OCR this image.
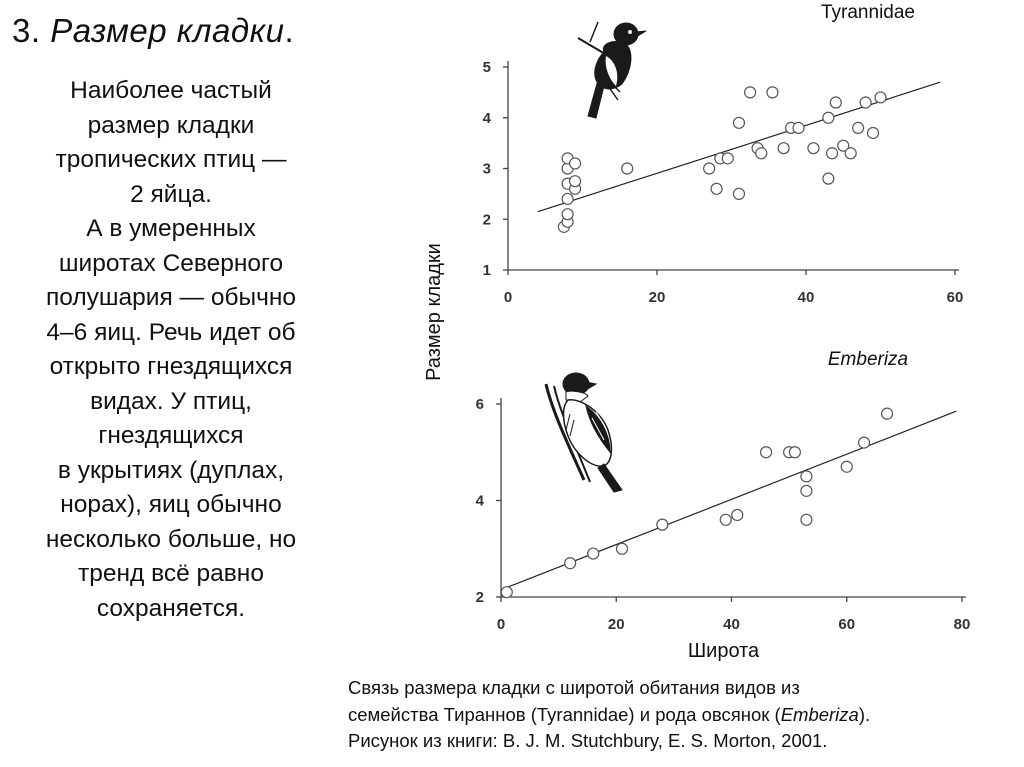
3. Размер кладки.
Наиболее частый
размер кладки
тропических птиц —
2 яйца.
А в умеренных
широтах Северного
полушария — обычно
4–6 яиц. Речь идет об
открыто гнездящихся
видах. У птиц,
гнездящихся
в укрытиях (дуплах,
норах), яиц обычно
несколько больше, но
тренд всё равно
сохраняется.
1
2
3
4
5
0	20	40	60
Tyrannidae
2
4
6
0	20	40	60	80
Emberiza
Широта
Размер кладки
Связь размера кладки с широтой обитания видов из
семейства Тираннов (Tyrannidae) и рода овсянок (Emberiza).
Рисунок из книги: B. J. M. Stutchbury, E. S. Morton, 2001.
